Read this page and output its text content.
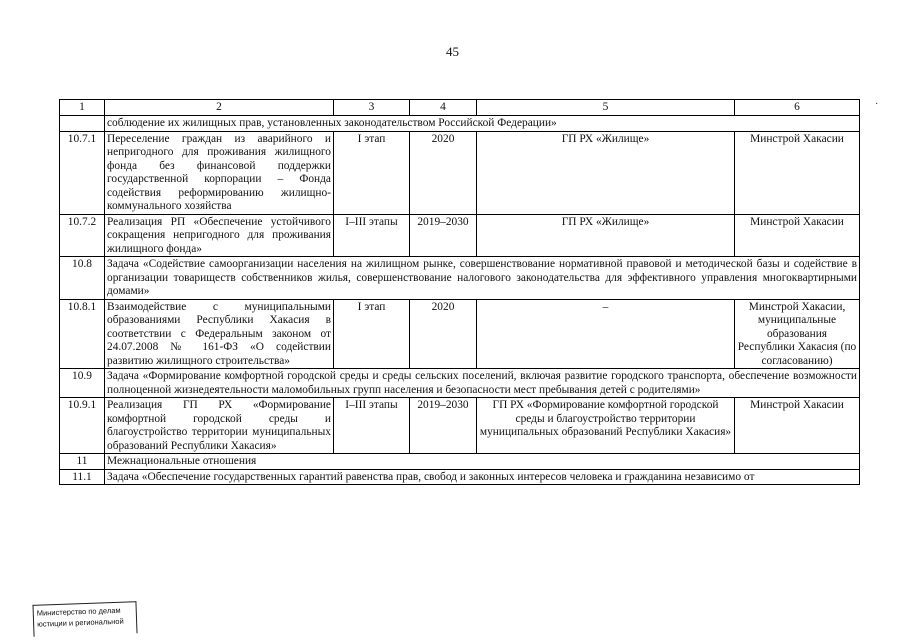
45
·
1	2	3	4	5	6
	соблюдение их жилищных прав, установленных законодательством Российской Федерации»				
10.7.1	Переселение граждан из аварийного и непригодного для проживания жилищного фонда без финансовой поддержки государственной корпорации – Фонда содействия реформированию жилищно-коммунального хозяйства	I этап	2020	ГП РХ «Жилище»	Минстрой Хакасии
10.7.2	Реализация РП «Обеспечение устойчивого сокращения непригодного для проживания жилищного фонда»	I–III этапы	2019–2030	ГП РХ «Жилище»	Минстрой Хакасии
10.8	Задача «Содействие самоорганизации населения на жилищном рынке, совершенствование нормативной правовой и методической базы и содействие в организации товариществ собственников жилья, совершенствование налогового законодательства для эффективного управления многоквартирными домами»				
10.8.1	Взаимодействие с муниципальными образованиями Республики Хакасия в соответствии с Федеральным законом от 24.07.2008 № 161-ФЗ «О содействии развитию жилищного строительства»	I этап	2020	–	Минстрой Хакасии, муниципальные образования Республики Хакасия (по согласованию)
10.9	Задача «Формирование комфортной городской среды и среды сельских поселений, включая развитие городского транспорта, обеспечение возможности полноценной жизнедеятельности маломобильных групп населения и безопасности мест пребывания детей с родителями»				
10.9.1	Реализация ГП РХ «Формирование комфортной городской среды и благоустройство территории муниципальных образований Республики Хакасия»	I–III этапы	2019–2030	ГП РХ «Формирование комфортной городской среды и благоустройство территории муниципальных образований Республики Хакасия»	Минстрой Хакасии
11	Межнациональные отношения				
11.1	Задача «Обеспечение государственных гарантий равенства прав, свобод и законных интересов человека и гражданина независимо от				
Министерство по делам
юстиции и региональной
